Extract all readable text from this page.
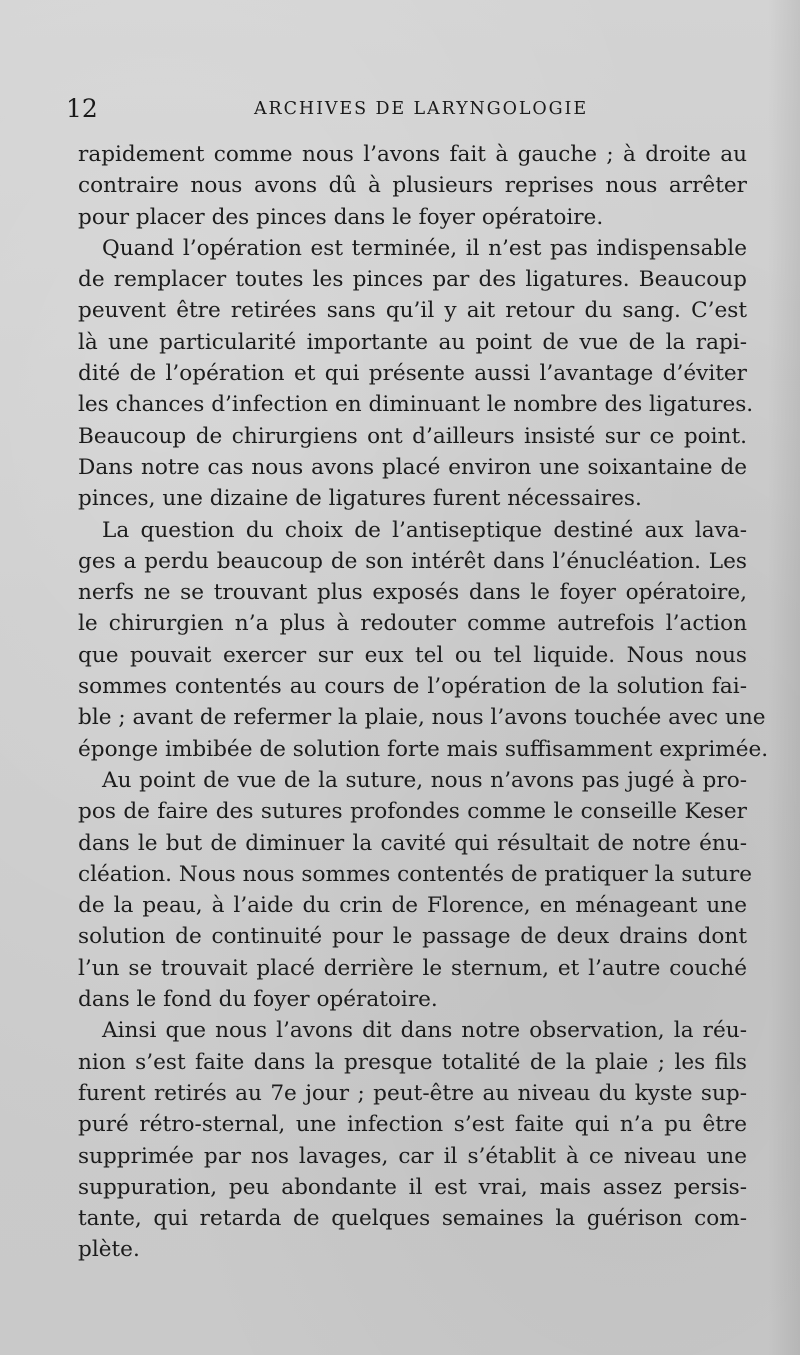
12	ARCHIVES DE LARYNGOLOGIE
rapidement comme nous l’avons fait à gauche ; à droite au
contraire nous avons dû à plusieurs reprises nous arrêter
pour placer des pinces dans le foyer opératoire.
Quand l’opération est terminée, il n’est pas indispensable
de remplacer toutes les pinces par des ligatures. Beaucoup
peuvent être retirées sans qu’il y ait retour du sang. C’est
là une particularité importante au point de vue de la rapi-
dité de l’opération et qui présente aussi l’avantage d’éviter
les chances d’infection en diminuant le nombre des ligatures.
Beaucoup de chirurgiens ont d’ailleurs insisté sur ce point.
Dans notre cas nous avons placé environ une soixantaine de
pinces, une dizaine de ligatures furent nécessaires.
La question du choix de l’antiseptique destiné aux lava-
ges a perdu beaucoup de son intérêt dans l’énucléation. Les
nerfs ne se trouvant plus exposés dans le foyer opératoire,
le chirurgien n’a plus à redouter comme autrefois l’action
que pouvait exercer sur eux tel ou tel liquide. Nous nous
sommes contentés au cours de l’opération de la solution fai-
ble ; avant de refermer la plaie, nous l’avons touchée avec une
éponge imbibée de solution forte mais suffisamment exprimée.
Au point de vue de la suture, nous n’avons pas jugé à pro-
pos de faire des sutures profondes comme le conseille Keser
dans le but de diminuer la cavité qui résultait de notre énu-
cléation. Nous nous sommes contentés de pratiquer la suture
de la peau, à l’aide du crin de Florence, en ménageant une
solution de continuité pour le passage de deux drains dont
l’un se trouvait placé derrière le sternum, et l’autre couché
dans le fond du foyer opératoire.
Ainsi que nous l’avons dit dans notre observation, la réu-
nion s’est faite dans la presque totalité de la plaie ; les fils
furent retirés au 7e jour ; peut-être au niveau du kyste sup-
puré rétro-sternal, une infection s’est faite qui n’a pu être
supprimée par nos lavages, car il s’établit à ce niveau une
suppuration, peu abondante il est vrai, mais assez persis-
tante, qui retarda de quelques semaines la guérison com-
plète.
